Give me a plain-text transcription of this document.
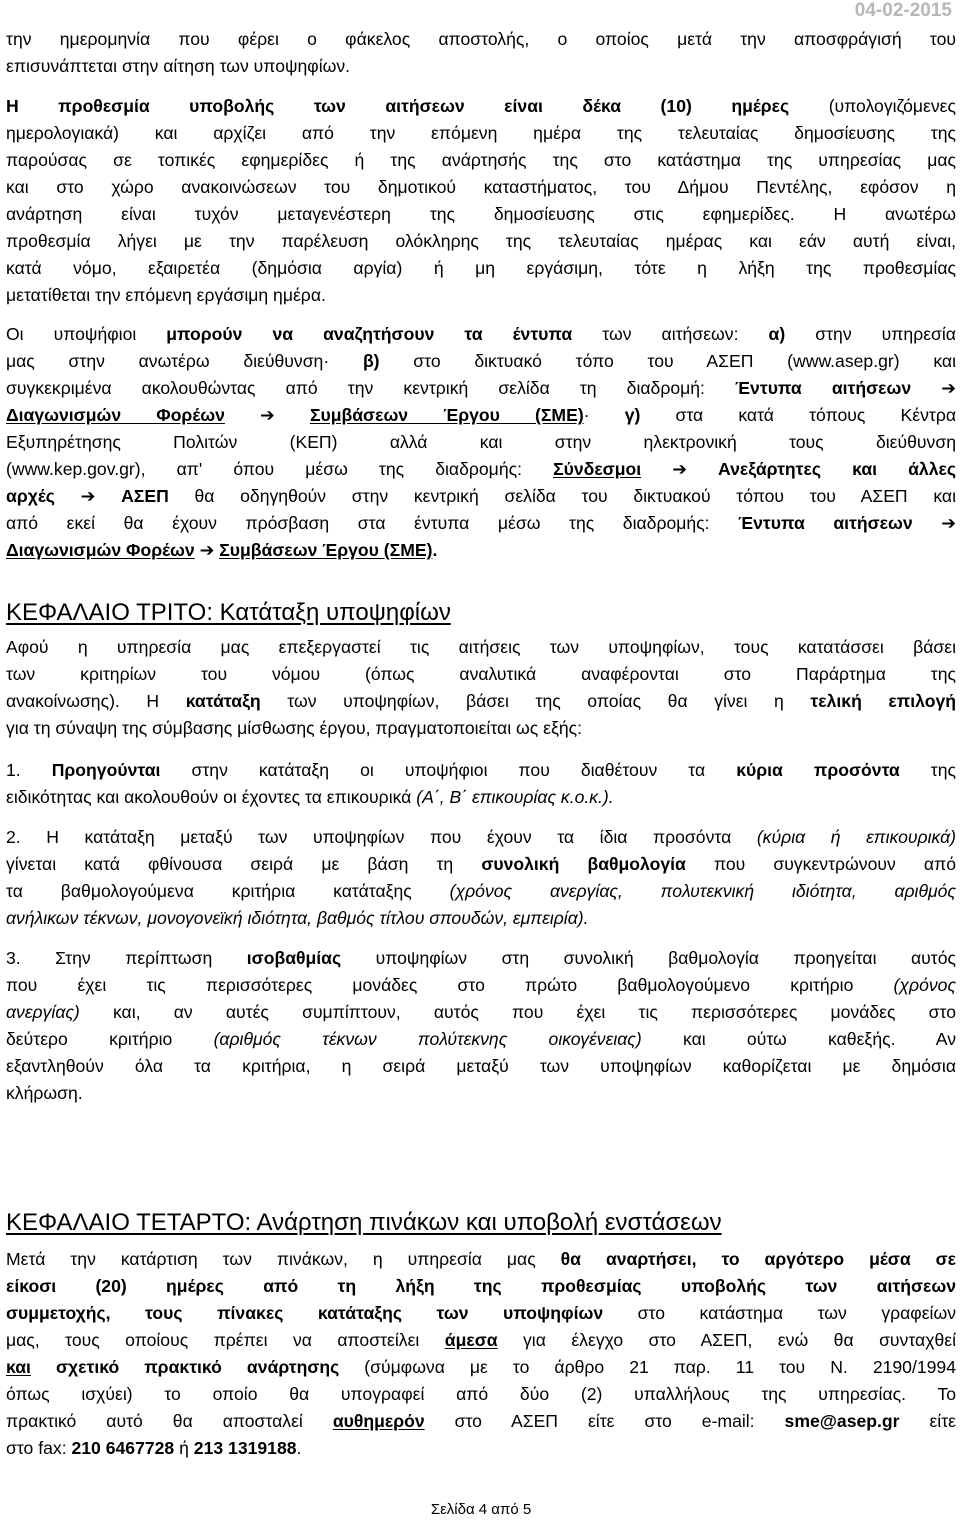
04-02-2015
την ημερομηνία που φέρει ο φάκελος αποστολής, ο οποίος μετά την αποσφράγισή του
επισυνάπτεται στην αίτηση των υποψηφίων.
Η προθεσμία υποβολής των αιτήσεων είναι δέκα (10) ημέρες (υπολογιζόμενες
ημερολογιακά) και αρχίζει από την επόμενη ημέρα της τελευταίας δημοσίευσης της
παρούσας σε τοπικές εφημερίδες ή της ανάρτησής της στο κατάστημα της υπηρεσίας μας
και στο χώρο ανακοινώσεων του δημοτικού καταστήματος, του Δήμου Πεντέλης, εφόσον η
ανάρτηση είναι τυχόν μεταγενέστερη της δημοσίευσης στις εφημερίδες. Η ανωτέρω
προθεσμία λήγει με την παρέλευση ολόκληρης της τελευταίας ημέρας και εάν αυτή είναι,
κατά νόμο, εξαιρετέα (δημόσια αργία) ή μη εργάσιμη, τότε η λήξη της προθεσμίας
μετατίθεται την επόμενη εργάσιμη ημέρα.
Οι υποψήφιοι μπορούν να αναζητήσουν τα έντυπα των αιτήσεων: α) στην υπηρεσία
μας στην ανωτέρω διεύθυνση· β) στο δικτυακό τόπο του ΑΣΕΠ (www.asep.gr) και
συγκεκριμένα ακολουθώντας από την κεντρική σελίδα τη διαδρομή: Έντυπα αιτήσεων ➔
Διαγωνισμών Φορέων ➔ Συμβάσεων Έργου (ΣΜΕ)· γ) στα κατά τόπους Κέντρα
Εξυπηρέτησης Πολιτών (ΚΕΠ) αλλά και στην ηλεκτρονική τους διεύθυνση
(www.kep.gov.gr), απ' όπου μέσω της διαδρομής: Σύνδεσμοι ➔ Ανεξάρτητες και άλλες
αρχές ➔ ΑΣΕΠ θα οδηγηθούν στην κεντρική σελίδα του δικτυακού τόπου του ΑΣΕΠ και
από εκεί θα έχουν πρόσβαση στα έντυπα μέσω της διαδρομής: Έντυπα αιτήσεων ➔
Διαγωνισμών Φορέων ➔ Συμβάσεων Έργου (ΣΜΕ).
ΚΕΦΑΛΑΙΟ ΤΡΙΤΟ: Κατάταξη υποψηφίων
Αφού η υπηρεσία μας επεξεργαστεί τις αιτήσεις των υποψηφίων, τους κατατάσσει βάσει
των κριτηρίων του νόμου (όπως αναλυτικά αναφέρονται στο Παράρτημα της
ανακοίνωσης). Η κατάταξη των υποψηφίων, βάσει της οποίας θα γίνει η τελική επιλογή
για τη σύναψη της σύμβασης μίσθωσης έργου, πραγματοποιείται ως εξής:
1. Προηγούνται στην κατάταξη οι υποψήφιοι που διαθέτουν τα κύρια προσόντα της
ειδικότητας και ακολουθούν οι έχοντες τα επικουρικά (Α΄, Β΄ επικουρίας κ.ο.κ.).
2. Η κατάταξη μεταξύ των υποψηφίων που έχουν τα ίδια προσόντα (κύρια ή επικουρικά)
γίνεται κατά φθίνουσα σειρά με βάση τη συνολική βαθμολογία που συγκεντρώνουν από
τα βαθμολογούμενα κριτήρια κατάταξης (χρόνος ανεργίας, πολυτεκνική ιδιότητα, αριθμός
ανήλικων τέκνων, μονογονεϊκή ιδιότητα, βαθμός τίτλου σπουδών, εμπειρία).
3. Στην περίπτωση ισοβαθμίας υποψηφίων στη συνολική βαθμολογία προηγείται αυτός
που έχει τις περισσότερες μονάδες στο πρώτο βαθμολογούμενο κριτήριο (χρόνος
ανεργίας) και, αν αυτές συμπίπτουν, αυτός που έχει τις περισσότερες μονάδες στο
δεύτερο κριτήριο (αριθμός τέκνων πολύτεκνης οικογένειας) και ούτω καθεξής. Αν
εξαντληθούν όλα τα κριτήρια, η σειρά μεταξύ των υποψηφίων καθορίζεται με δημόσια
κλήρωση.
ΚΕΦΑΛΑΙΟ ΤΕΤΑΡΤΟ: Ανάρτηση πινάκων και υποβολή ενστάσεων
Μετά την κατάρτιση των πινάκων, η υπηρεσία μας θα αναρτήσει, το αργότερο μέσα σε
είκοσι (20) ημέρες από τη λήξη της προθεσμίας υποβολής των αιτήσεων
συμμετοχής, τους πίνακες κατάταξης των υποψηφίων στο κατάστημα των γραφείων
μας, τους οποίους πρέπει να αποστείλει άμεσα για έλεγχο στο ΑΣΕΠ, ενώ θα συνταχθεί
και σχετικό πρακτικό ανάρτησης (σύμφωνα με το άρθρο 21 παρ. 11 του Ν. 2190/1994
όπως ισχύει) το οποίο θα υπογραφεί από δύο (2) υπαλλήλους της υπηρεσίας. Το
πρακτικό αυτό θα αποσταλεί αυθημερόν στο ΑΣΕΠ είτε στο e-mail: sme@asep.gr είτε
στο fax: 210 6467728 ή 213 1319188.
Σελίδα 4 από 5
